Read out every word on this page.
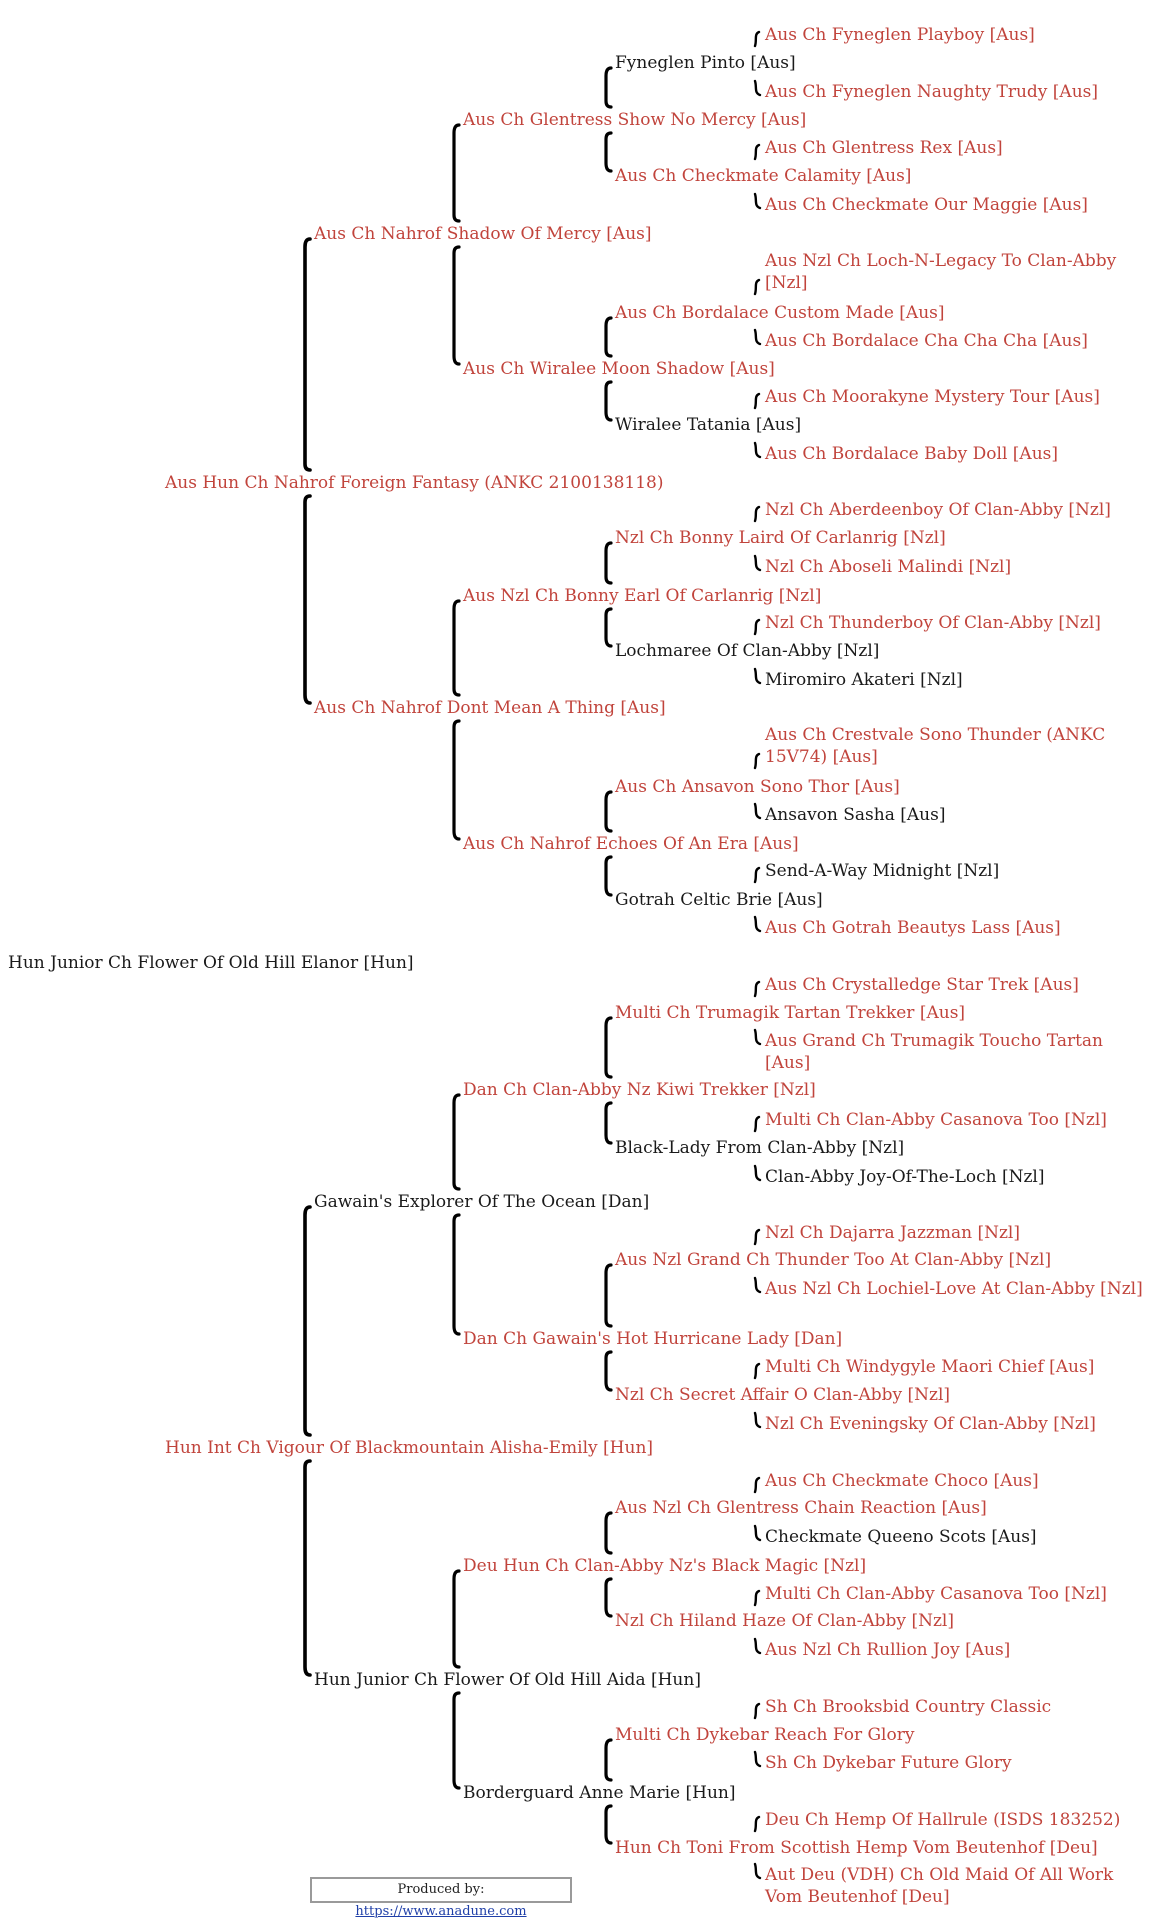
Hun Junior Ch Flower Of Old Hill Elanor [Hun]
Aus Hun Ch Nahrof Foreign Fantasy (ANKC 2100138118)
Hun Int Ch Vigour Of Blackmountain Alisha-Emily [Hun]
Aus Ch Nahrof Shadow Of Mercy [Aus]
Aus Ch Nahrof Dont Mean A Thing [Aus]
Gawain's Explorer Of The Ocean [Dan]
Hun Junior Ch Flower Of Old Hill Aida [Hun]
Aus Ch Glentress Show No Mercy [Aus]
Aus Ch Wiralee Moon Shadow [Aus]
Aus Nzl Ch Bonny Earl Of Carlanrig [Nzl]
Aus Ch Nahrof Echoes Of An Era [Aus]
Dan Ch Clan-Abby Nz Kiwi Trekker [Nzl]
Dan Ch Gawain's Hot Hurricane Lady [Dan]
Deu Hun Ch Clan-Abby Nz's Black Magic [Nzl]
Borderguard Anne Marie [Hun]
Fyneglen Pinto [Aus]
Aus Ch Checkmate Calamity [Aus]
Aus Ch Bordalace Custom Made [Aus]
Wiralee Tatania [Aus]
Nzl Ch Bonny Laird Of Carlanrig [Nzl]
Lochmaree Of Clan-Abby [Nzl]
Aus Ch Ansavon Sono Thor [Aus]
Gotrah Celtic Brie [Aus]
Multi Ch Trumagik Tartan Trekker [Aus]
Black-Lady From Clan-Abby [Nzl]
Aus Nzl Grand Ch Thunder Too At Clan-Abby [Nzl]
Nzl Ch Secret Affair O Clan-Abby [Nzl]
Aus Nzl Ch Glentress Chain Reaction [Aus]
Nzl Ch Hiland Haze Of Clan-Abby [Nzl]
Multi Ch Dykebar Reach For Glory
Hun Ch Toni From Scottish Hemp Vom Beutenhof [Deu]
Aus Ch Fyneglen Playboy [Aus]
Aus Ch Fyneglen Naughty Trudy [Aus]
Aus Ch Glentress Rex [Aus]
Aus Ch Checkmate Our Maggie [Aus]
Aus Nzl Ch Loch-N-Legacy To Clan-Abby [Nzl]
Aus Ch Bordalace Cha Cha Cha [Aus]
Aus Ch Moorakyne Mystery Tour [Aus]
Aus Ch Bordalace Baby Doll [Aus]
Nzl Ch Aberdeenboy Of Clan-Abby [Nzl]
Nzl Ch Aboseli Malindi [Nzl]
Nzl Ch Thunderboy Of Clan-Abby [Nzl]
Miromiro Akateri [Nzl]
Aus Ch Crestvale Sono Thunder (ANKC 15V74) [Aus]
Ansavon Sasha [Aus]
Send-A-Way Midnight [Nzl]
Aus Ch Gotrah Beautys Lass [Aus]
Aus Ch Crystalledge Star Trek [Aus]
Aus Grand Ch Trumagik Toucho Tartan [Aus]
Multi Ch Clan-Abby Casanova Too [Nzl]
Clan-Abby Joy-Of-The-Loch [Nzl]
Nzl Ch Dajarra Jazzman [Nzl]
Aus Nzl Ch Lochiel-Love At Clan-Abby [Nzl]
Multi Ch Windygyle Maori Chief [Aus]
Nzl Ch Eveningsky Of Clan-Abby [Nzl]
Aus Ch Checkmate Choco [Aus]
Checkmate Queeno Scots [Aus]
Multi Ch Clan-Abby Casanova Too [Nzl]
Aus Nzl Ch Rullion Joy [Aus]
Sh Ch Brooksbid Country Classic
Sh Ch Dykebar Future Glory
Deu Ch Hemp Of Hallrule (ISDS 183252)
Aut Deu (VDH) Ch Old Maid Of All Work Vom Beutenhof [Deu]
Produced by: https://www.anadune.com
